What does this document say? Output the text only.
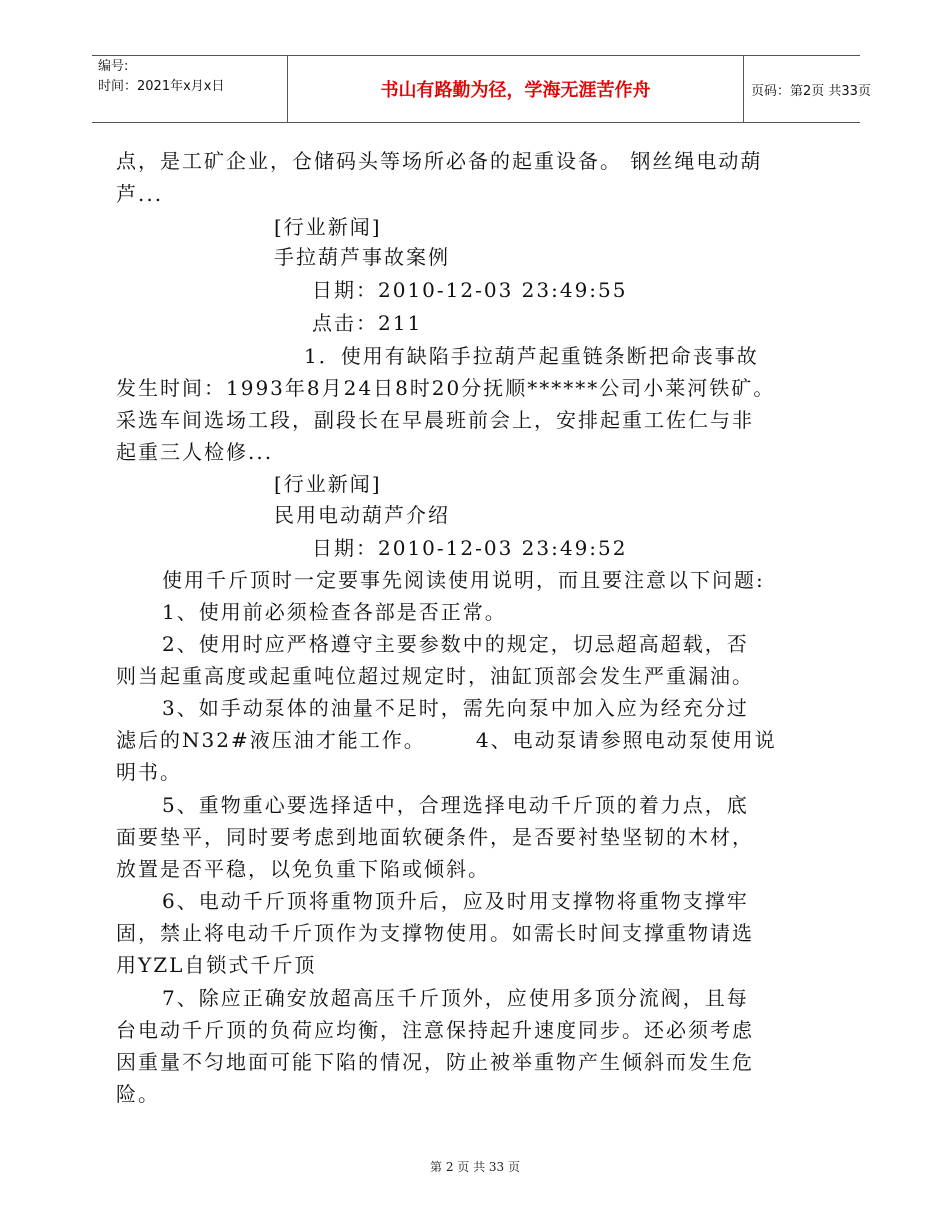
编号:
时间：2021年x月x日	书山有路勤为径，学海无涯苦作舟	页码：第2页 共33页
点，是工矿企业，仓储码头等场所必备的起重设备。 钢丝绳电动葫
芦...
[行业新闻]
手拉葫芦事故案例
日期：2010-12-03 23:49:55
点击：211
1．使用有缺陷手拉葫芦起重链条断把命丧事故
发生时间：1993年8月24日8时20分抚顺******公司小莱河铁矿。
采选车间选场工段，副段长在早晨班前会上，安排起重工佐仁与非
起重三人检修...
[行业新闻]
民用电动葫芦介绍
日期：2010-12-03 23:49:52
使用千斤顶时一定要事先阅读使用说明，而且要注意以下问题:
1、使用前必须检查各部是否正常。
2、使用时应严格遵守主要参数中的规定，切忌超高超载，否
则当起重高度或起重吨位超过规定时，油缸顶部会发生严重漏油。
3、如手动泵体的油量不足时，需先向泵中加入应为经充分过
滤后的N32#液压油才能工作。      4、电动泵请参照电动泵使用说
明书。
5、重物重心要选择适中，合理选择电动千斤顶的着力点，底
面要垫平，同时要考虑到地面软硬条件，是否要衬垫坚韧的木材，
放置是否平稳，以免负重下陷或倾斜。
6、电动千斤顶将重物顶升后，应及时用支撑物将重物支撑牢
固，禁止将电动千斤顶作为支撑物使用。如需长时间支撑重物请选
用YZL自锁式千斤顶
7、除应正确安放超高压千斤顶外，应使用多顶分流阀，且每
台电动千斤顶的负荷应均衡，注意保持起升速度同步。还必须考虑
因重量不匀地面可能下陷的情况，防止被举重物产生倾斜而发生危
险。
第 2 页 共 33 页
